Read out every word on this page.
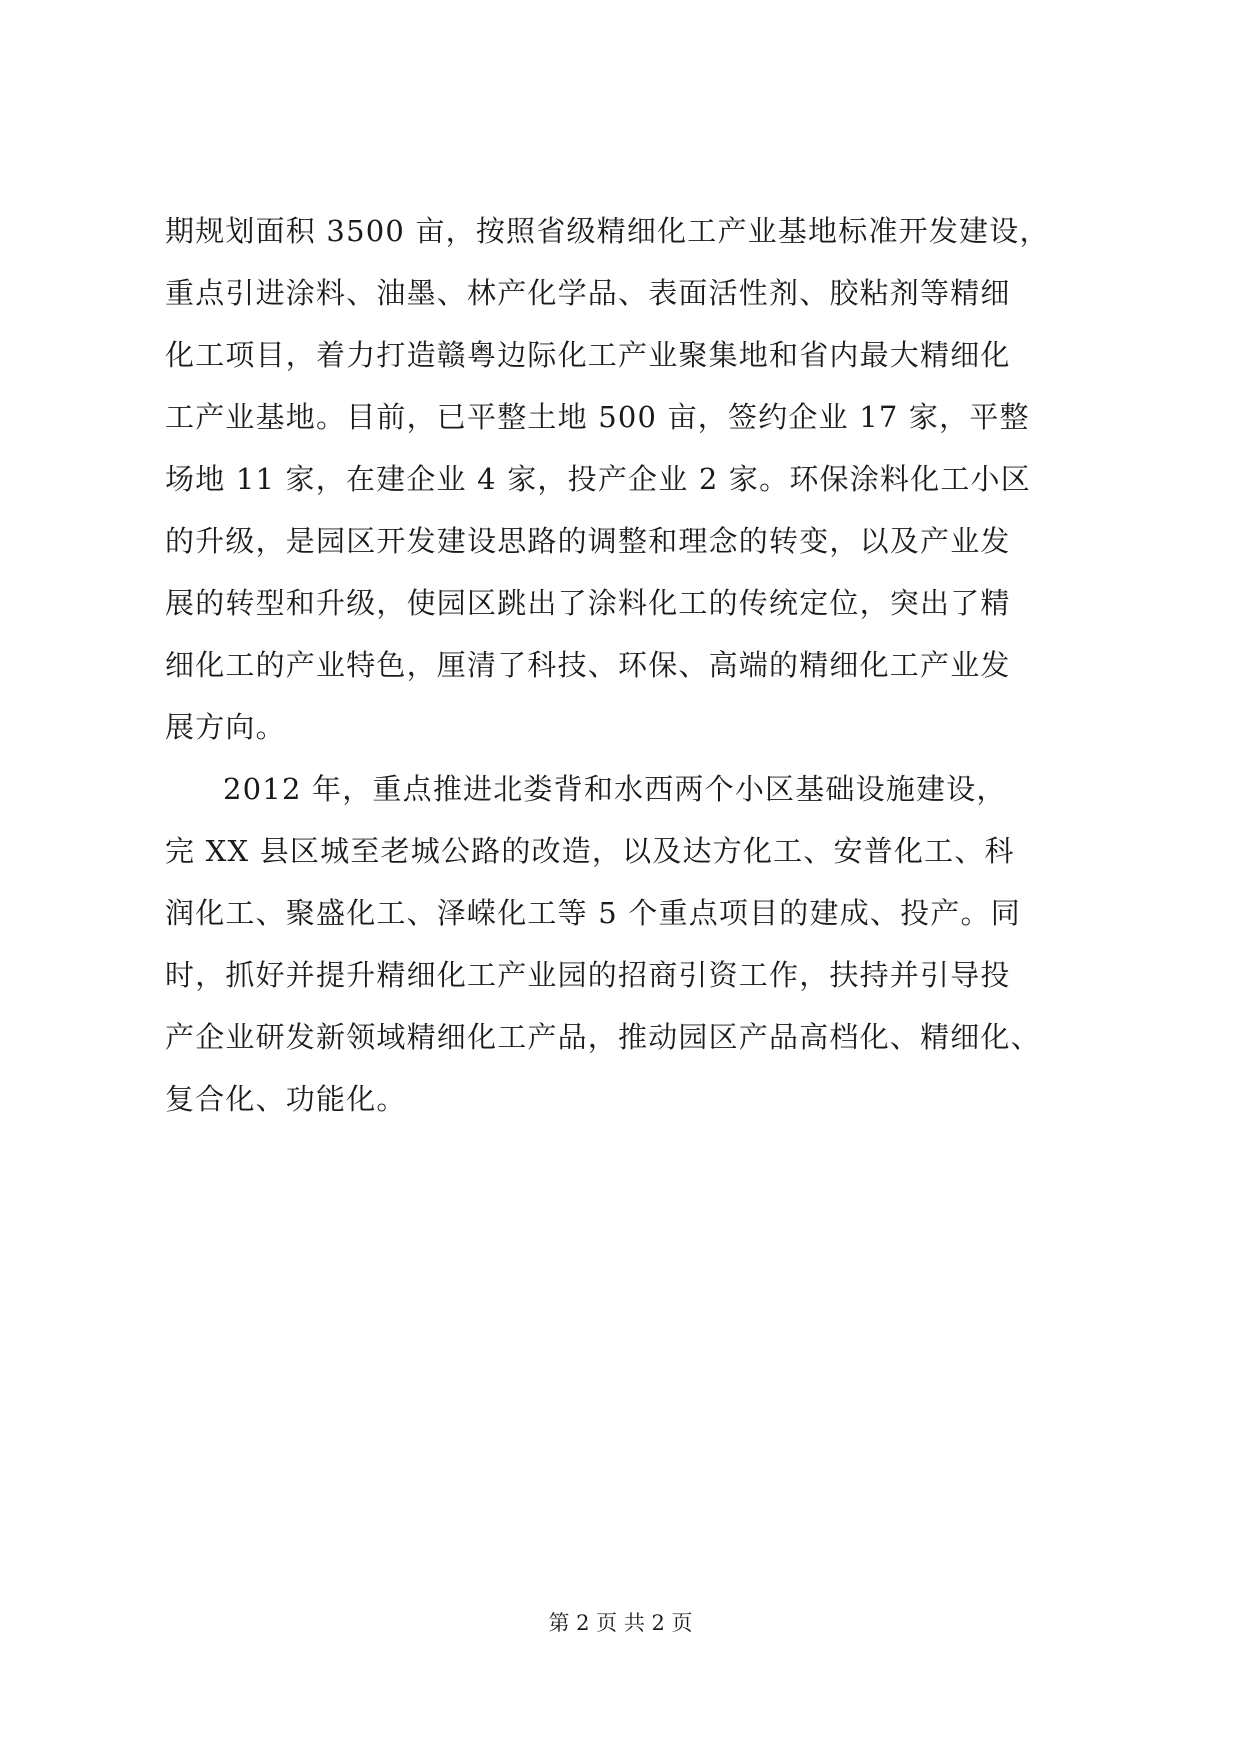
期规划面积 3500 亩，按照省级精细化工产业基地标准开发建设，
重点引进涂料、油墨、林产化学品、表面活性剂、胶粘剂等精细
化工项目，着力打造赣粤边际化工产业聚集地和省内最大精细化
工产业基地。目前，已平整土地 500 亩，签约企业 17 家，平整
场地 11 家，在建企业 4 家，投产企业 2 家。环保涂料化工小区
的升级，是园区开发建设思路的调整和理念的转变，以及产业发
展的转型和升级，使园区跳出了涂料化工的传统定位，突出了精
细化工的产业特色，厘清了科技、环保、高端的精细化工产业发
展方向。
2012 年，重点推进北娄背和水西两个小区基础设施建设，
完 XX 县区城至老城公路的改造，以及达方化工、安普化工、科
润化工、聚盛化工、泽嵘化工等 5 个重点项目的建成、投产。同
时，抓好并提升精细化工产业园的招商引资工作，扶持并引导投
产企业研发新领域精细化工产品，推动园区产品高档化、精细化、
复合化、功能化。
第 2 页 共 2 页
